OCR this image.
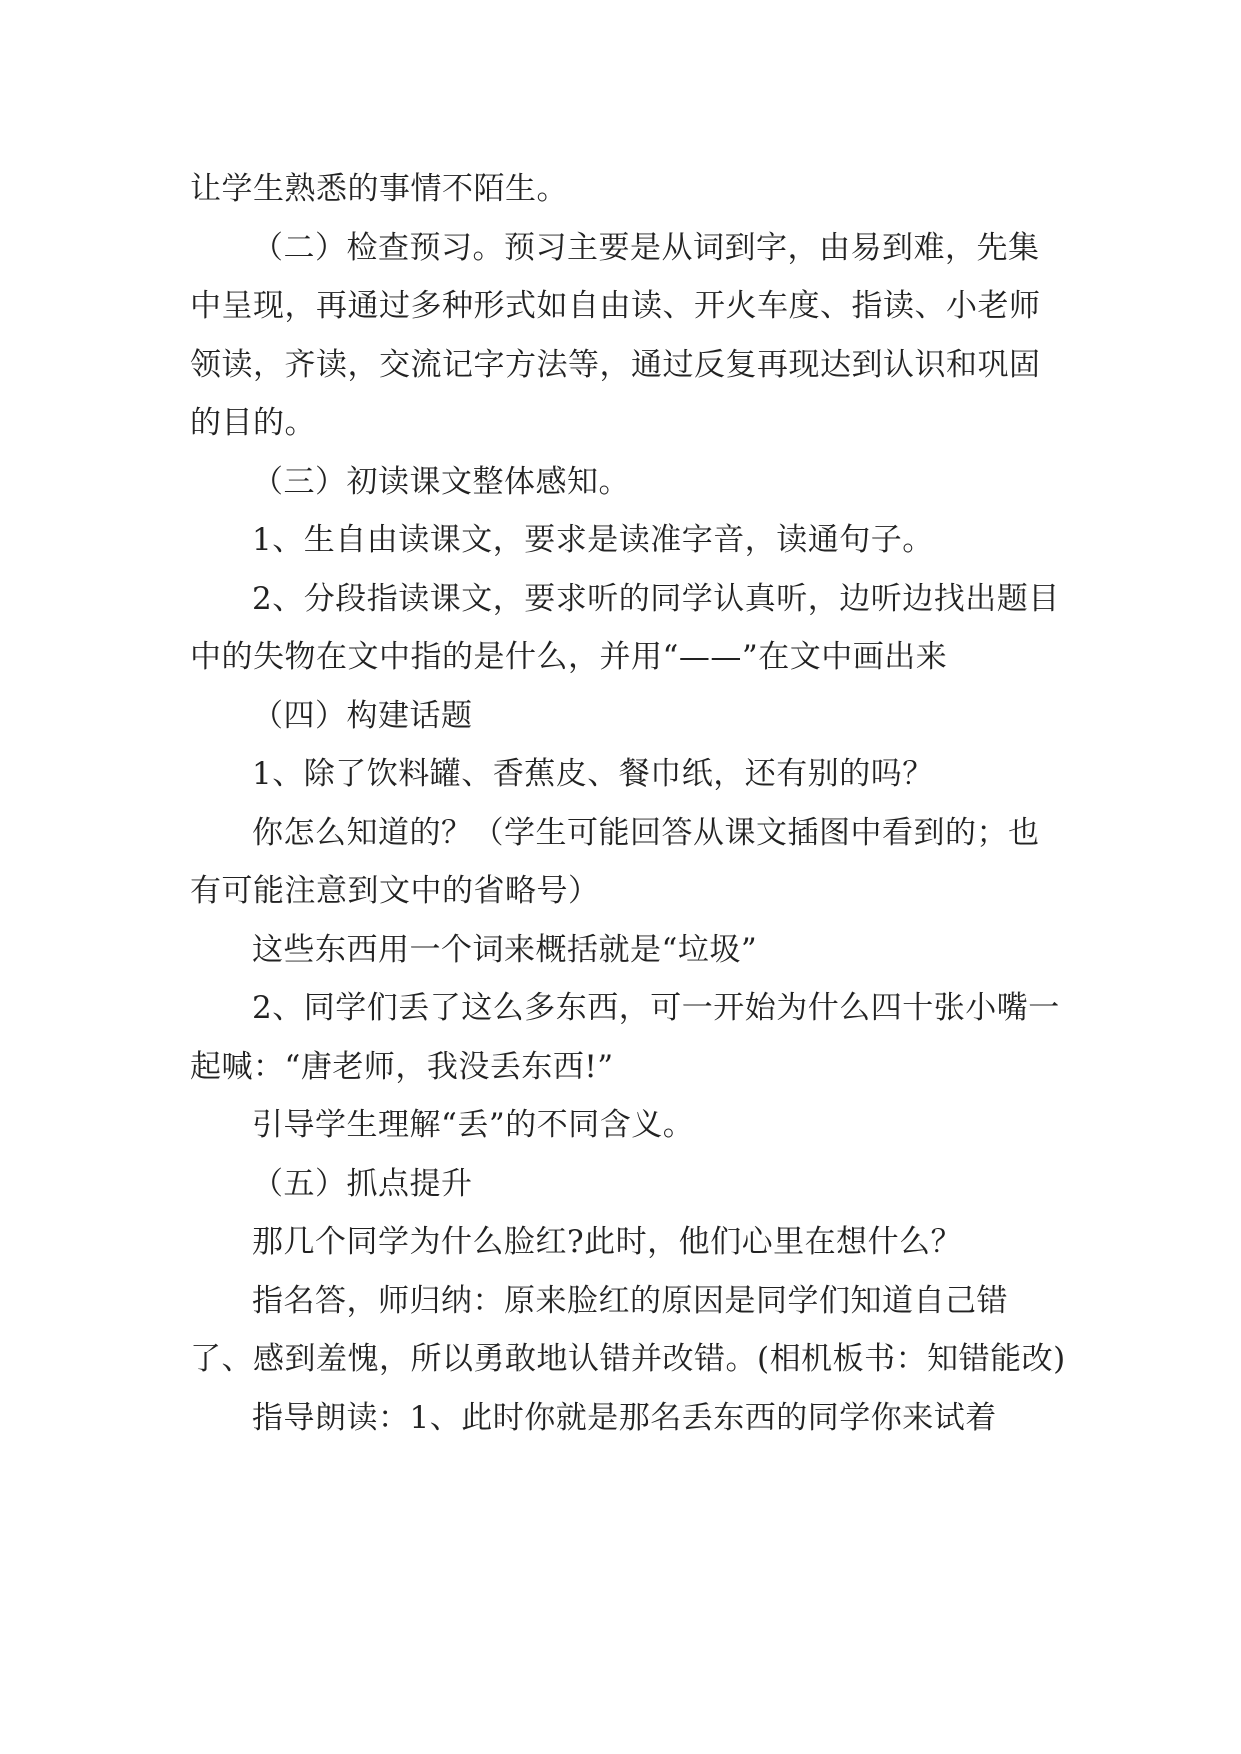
让学生熟悉的事情不陌生。

（二）检查预习。预习主要是从词到字，由易到难，先集中呈现，再通过多种形式如自由读、开火车度、指读、小老师领读，齐读，交流记字方法等，通过反复再现达到认识和巩固的目的。

（三）初读课文整体感知。

1、生自由读课文，要求是读准字音，读通句子。

2、分段指读课文，要求听的同学认真听，边听边找出题目中的失物在文中指的是什么，并用“——”在文中画出来

（四）构建话题

1、除了饮料罐、香蕉皮、餐巾纸，还有别的吗？

你怎么知道的？（学生可能回答从课文插图中看到的；也有可能注意到文中的省略号）

这些东西用一个词来概括就是“垃圾”

2、同学们丢了这么多东西，可一开始为什么四十张小嘴一起喊：“唐老师，我没丢东西!”

引导学生理解“丢”的不同含义。

（五）抓点提升

那几个同学为什么脸红?此时，他们心里在想什么？

指名答，师归纳：原来脸红的原因是同学们知道自己错了、感到羞愧，所以勇敢地认错并改错。(相机板书：知错能改)

指导朗读：1、此时你就是那名丢东西的同学你来试着
